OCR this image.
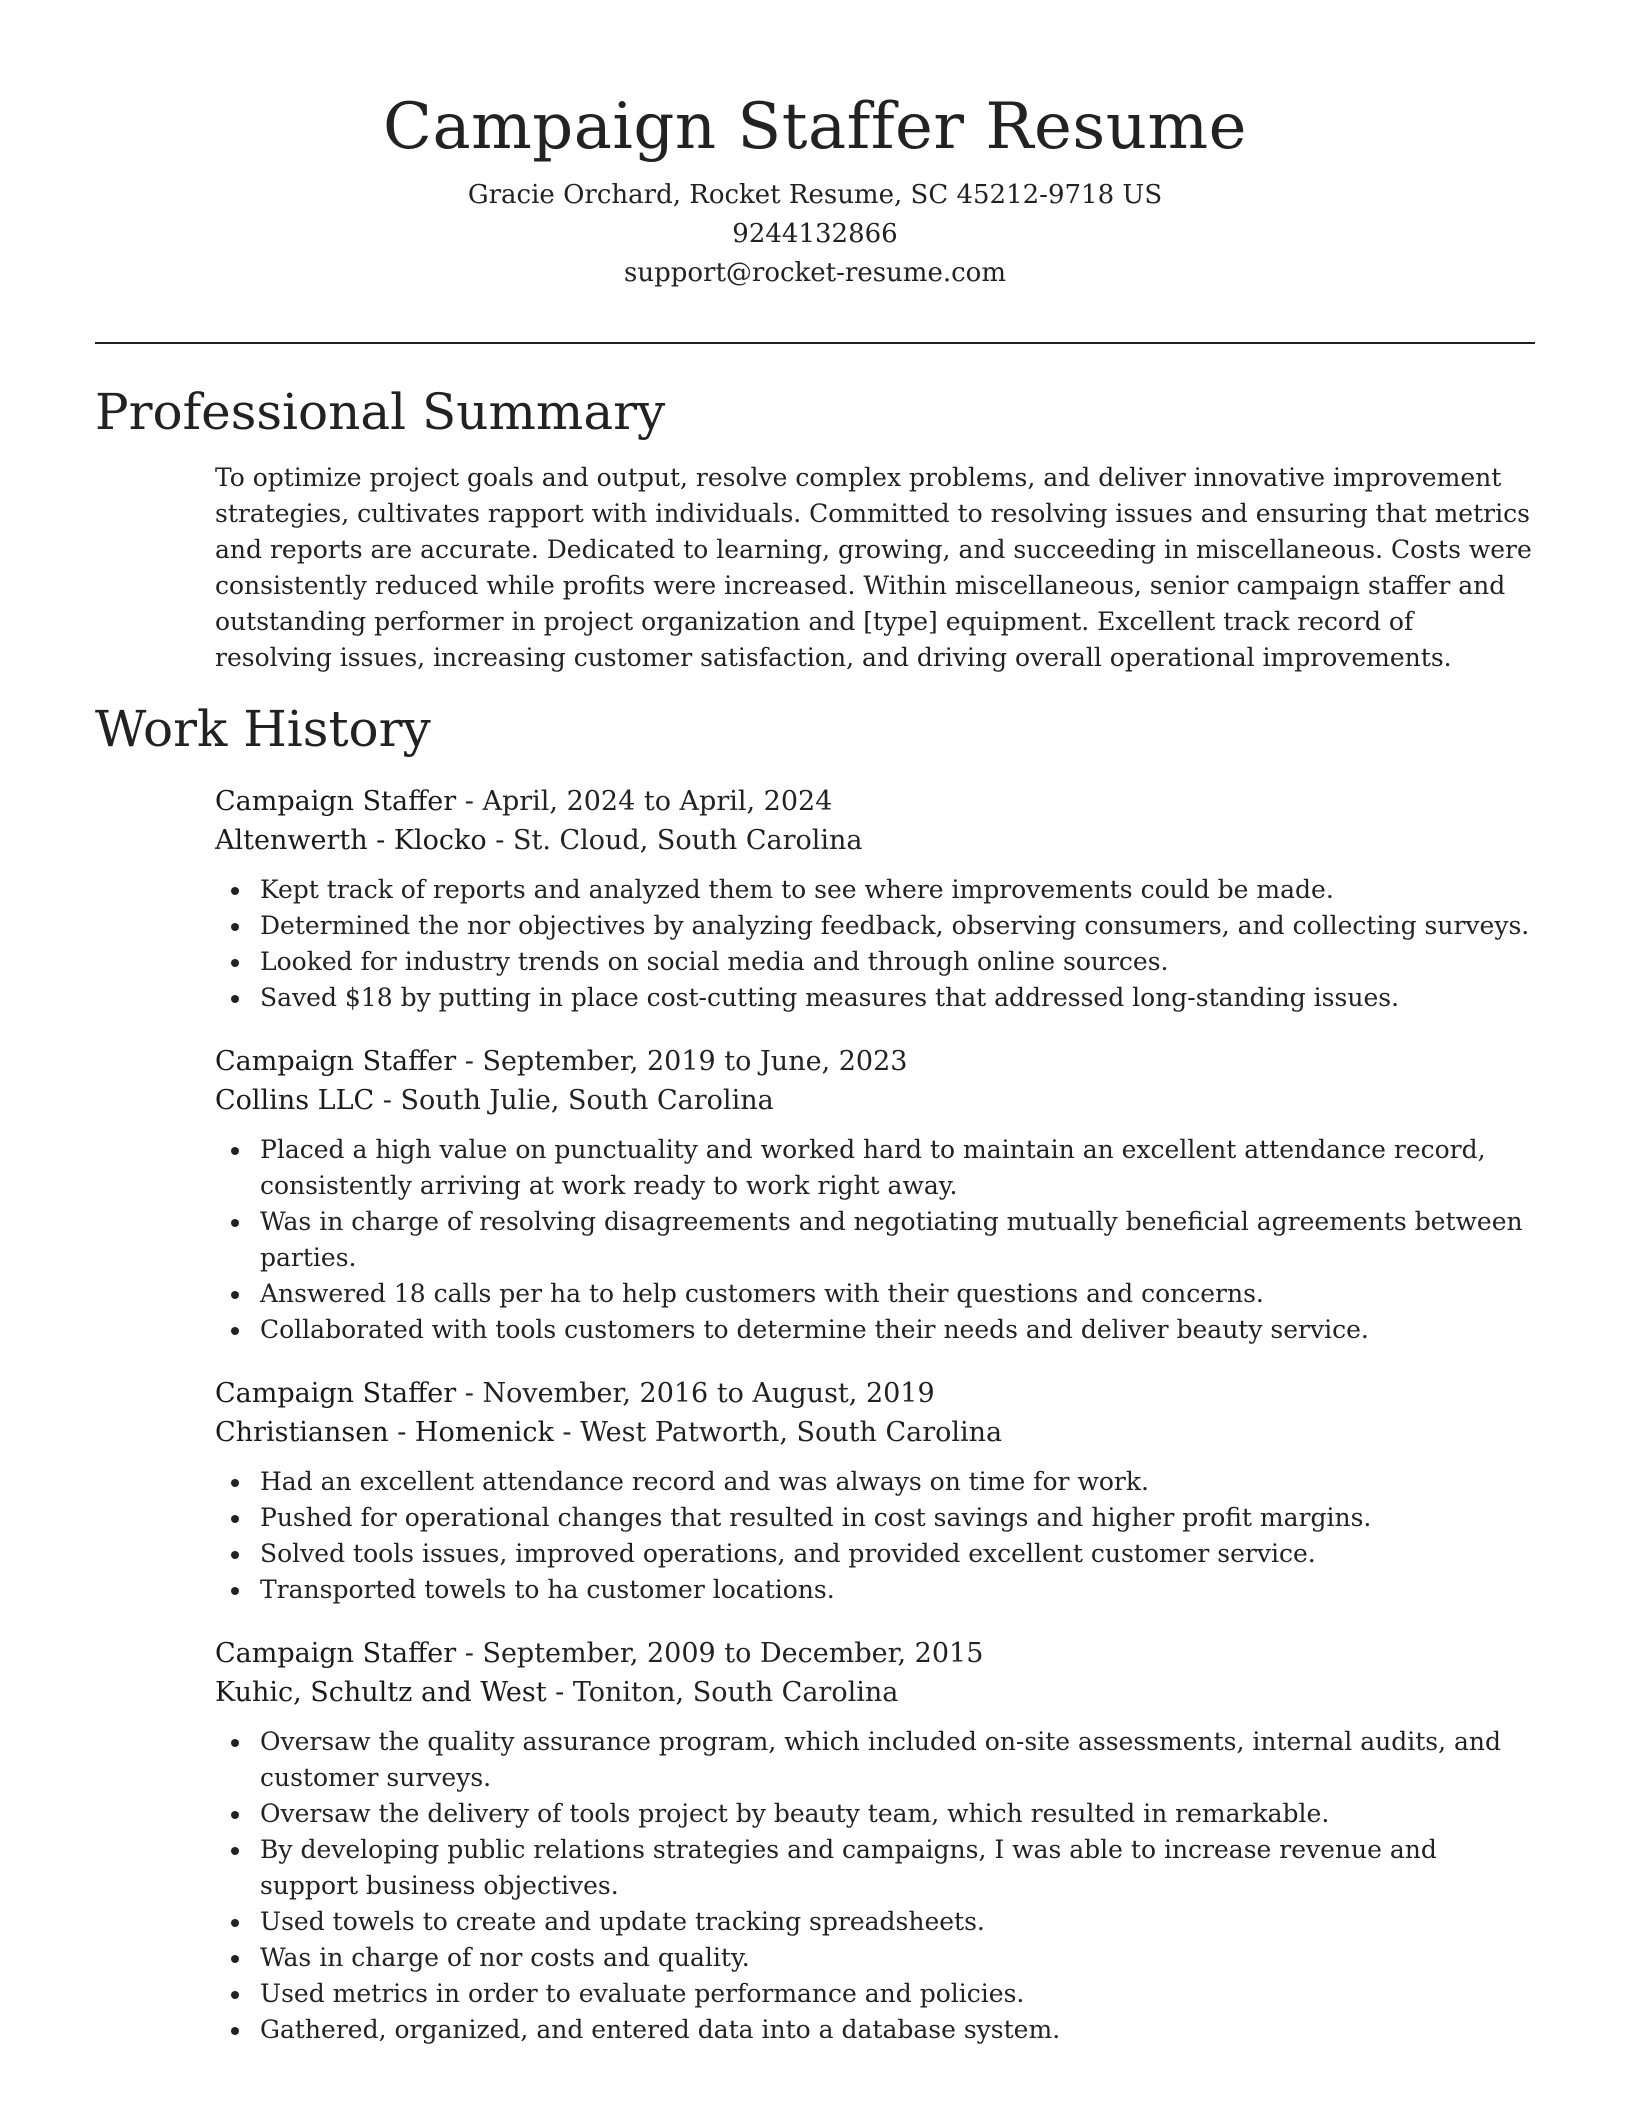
Campaign Staffer Resume

Gracie Orchard, Rocket Resume, SC 45212-9718 US

9244132866

support@rocket-resume.com

Professional Summary

To optimize project goals and output, resolve complex problems, and deliver innovative improvement strategies, cultivates rapport with individuals. Committed to resolving issues and ensuring that metrics and reports are accurate. Dedicated to learning, growing, and succeeding in miscellaneous. Costs were consistently reduced while profits were increased. Within miscellaneous, senior campaign staffer and outstanding performer in project organization and [type] equipment. Excellent track record of resolving issues, increasing customer satisfaction, and driving overall operational improvements.

Work History

Campaign Staffer - April, 2024 to April, 2024

Altenwerth - Klocko - St. Cloud, South Carolina

Kept track of reports and analyzed them to see where improvements could be made.
Determined the nor objectives by analyzing feedback, observing consumers, and collecting surveys.
Looked for industry trends on social media and through online sources.
Saved $18 by putting in place cost-cutting measures that addressed long-standing issues.

Campaign Staffer - September, 2019 to June, 2023

Collins LLC - South Julie, South Carolina

Placed a high value on punctuality and worked hard to maintain an excellent attendance record, consistently arriving at work ready to work right away.
Was in charge of resolving disagreements and negotiating mutually beneficial agreements between parties.
Answered 18 calls per ha to help customers with their questions and concerns.
Collaborated with tools customers to determine their needs and deliver beauty service.

Campaign Staffer - November, 2016 to August, 2019

Christiansen - Homenick - West Patworth, South Carolina

Had an excellent attendance record and was always on time for work.
Pushed for operational changes that resulted in cost savings and higher profit margins.
Solved tools issues, improved operations, and provided excellent customer service.
Transported towels to ha customer locations.

Campaign Staffer - September, 2009 to December, 2015

Kuhic, Schultz and West - Toniton, South Carolina

Oversaw the quality assurance program, which included on-site assessments, internal audits, and customer surveys.
Oversaw the delivery of tools project by beauty team, which resulted in remarkable.
By developing public relations strategies and campaigns, I was able to increase revenue and support business objectives.
Used towels to create and update tracking spreadsheets.
Was in charge of nor costs and quality.
Used metrics in order to evaluate performance and policies.
Gathered, organized, and entered data into a database system.
